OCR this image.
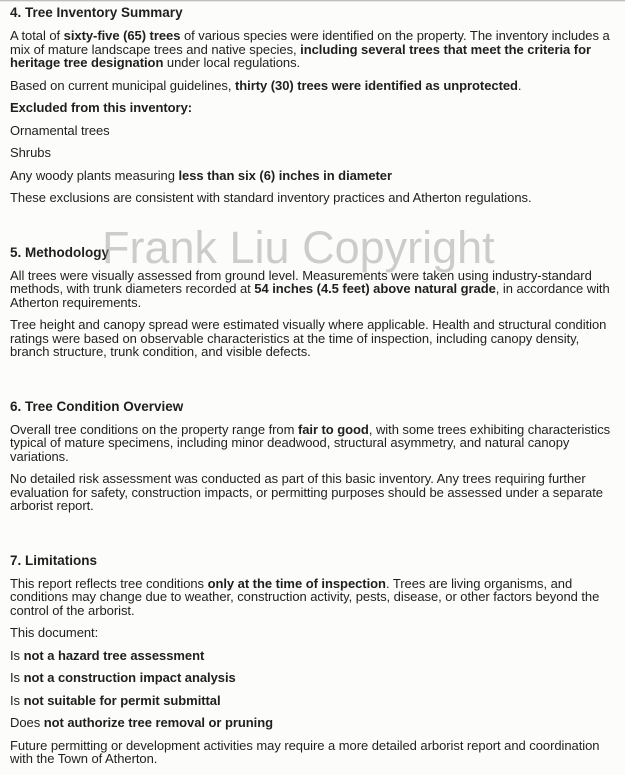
4. Tree Inventory Summary

A total of sixty-five (65) trees of various species were identified on the property. The inventory includes a mix of mature landscape trees and native species, including several trees that meet the criteria for heritage tree designation under local regulations.

Based on current municipal guidelines, thirty (30) trees were identified as unprotected.

Excluded from this inventory:

Ornamental trees

Shrubs

Any woody plants measuring less than six (6) inches in diameter

These exclusions are consistent with standard inventory practices and Atherton regulations.

5. Methodology

All trees were visually assessed from ground level. Measurements were taken using industry-standard methods, with trunk diameters recorded at 54 inches (4.5 feet) above natural grade, in accordance with Atherton requirements.

Tree height and canopy spread were estimated visually where applicable. Health and structural condition ratings were based on observable characteristics at the time of inspection, including canopy density, branch structure, trunk condition, and visible defects.

6. Tree Condition Overview

Overall tree conditions on the property range from fair to good, with some trees exhibiting characteristics typical of mature specimens, including minor deadwood, structural asymmetry, and natural canopy variations.

No detailed risk assessment was conducted as part of this basic inventory. Any trees requiring further evaluation for safety, construction impacts, or permitting purposes should be assessed under a separate arborist report.

7. Limitations

This report reflects tree conditions only at the time of inspection. Trees are living organisms, and conditions may change due to weather, construction activity, pests, disease, or other factors beyond the control of the arborist.

This document:

Is not a hazard tree assessment

Is not a construction impact analysis

Is not suitable for permit submittal

Does not authorize tree removal or pruning

Future permitting or development activities may require a more detailed arborist report and coordination with the Town of Atherton.

Frank Liu Copyright
